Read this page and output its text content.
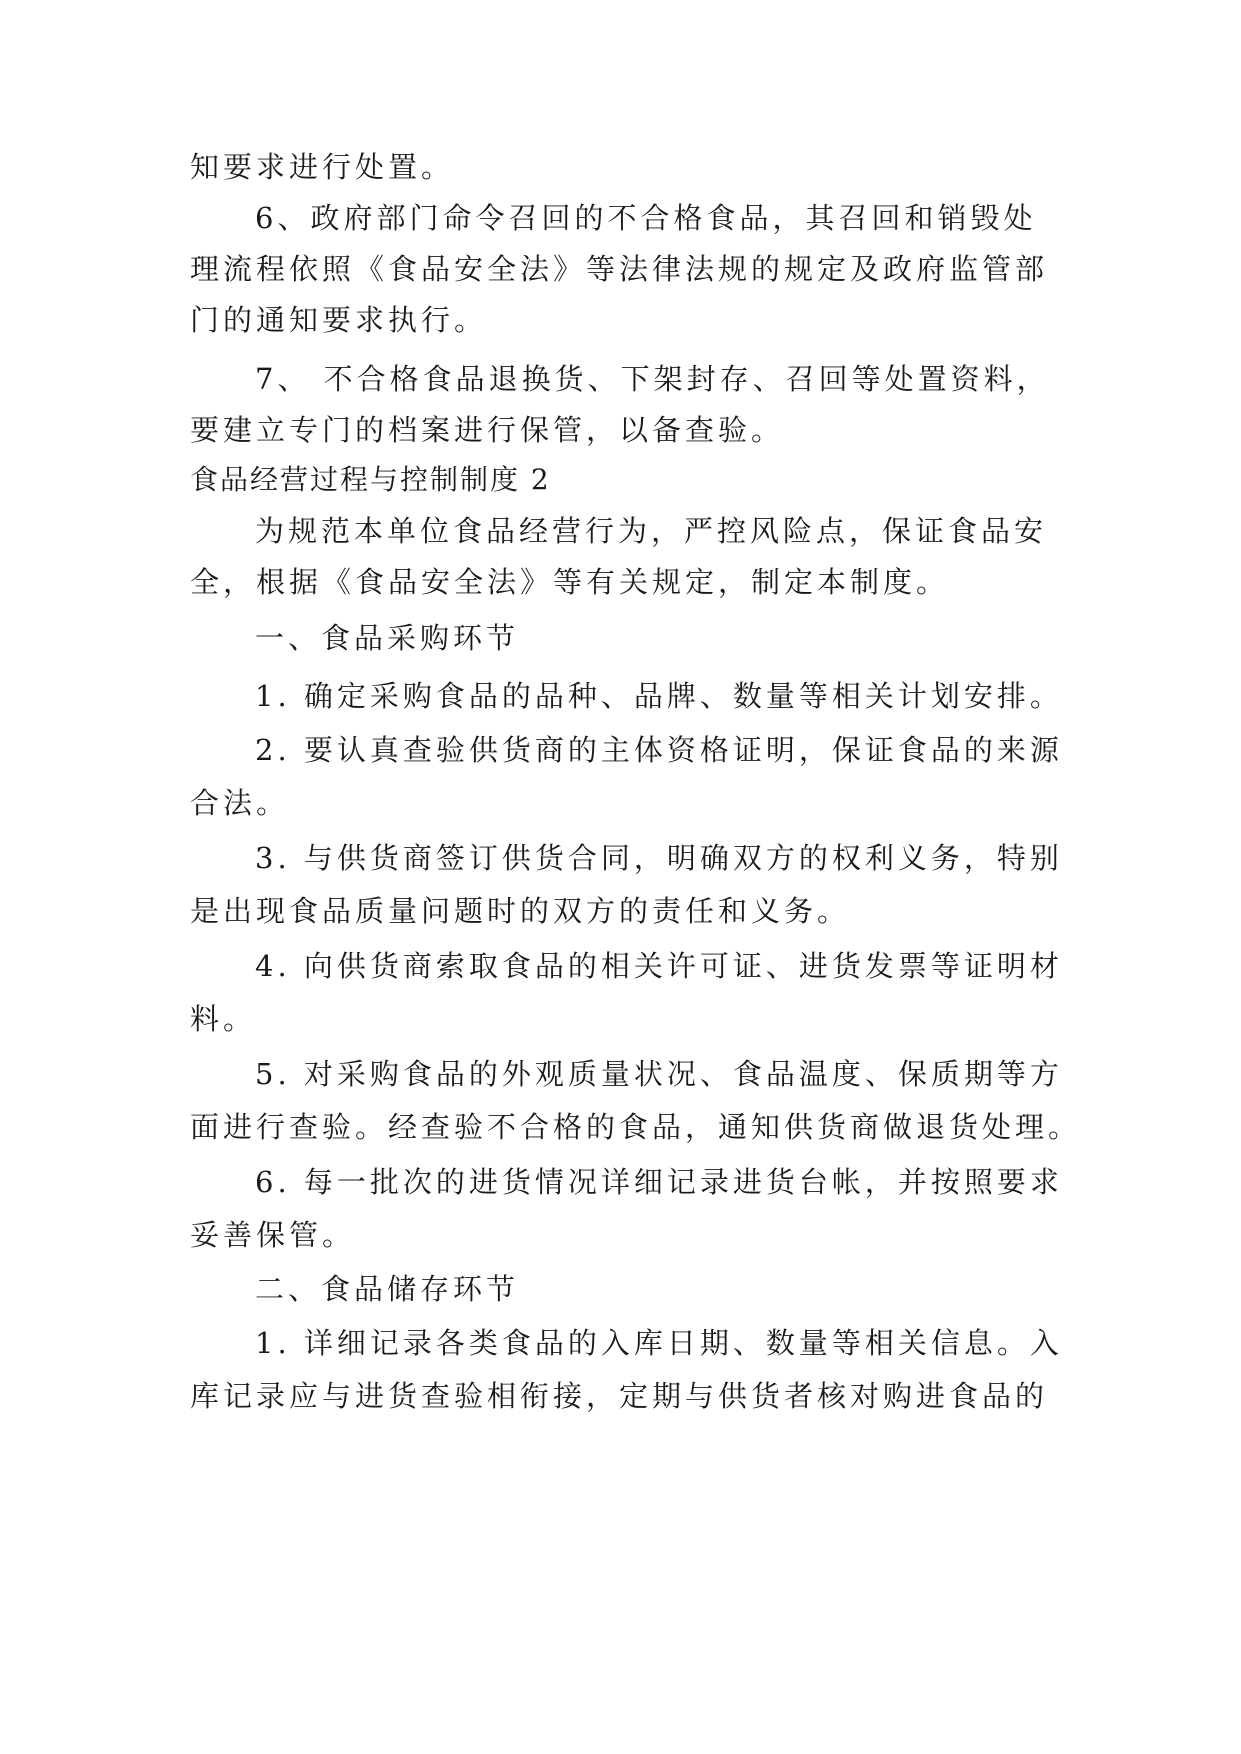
知要求进行处置。
6、政府部门命令召回的不合格食品，其召回和销毁处
理流程依照《食品安全法》等法律法规的规定及政府监管部
门的通知要求执行。
7、 不合格食品退换货、下架封存、召回等处置资料，
要建立专门的档案进行保管，以备查验。
食品经营过程与控制制度 2
为规范本单位食品经营行为，严控风险点，保证食品安
全，根据《食品安全法》等有关规定，制定本制度。
一、食品采购环节
1. 确定采购食品的品种、品牌、数量等相关计划安排。
2. 要认真查验供货商的主体资格证明，保证食品的来源
合法。
3. 与供货商签订供货合同，明确双方的权利义务，特别
是出现食品质量问题时的双方的责任和义务。
4. 向供货商索取食品的相关许可证、进货发票等证明材
料。
5. 对采购食品的外观质量状况、食品温度、保质期等方
面进行查验。经查验不合格的食品，通知供货商做退货处理。
6. 每一批次的进货情况详细记录进货台帐，并按照要求
妥善保管。
二、食品储存环节
1. 详细记录各类食品的入库日期、数量等相关信息。入
库记录应与进货查验相衔接，定期与供货者核对购进食品的
